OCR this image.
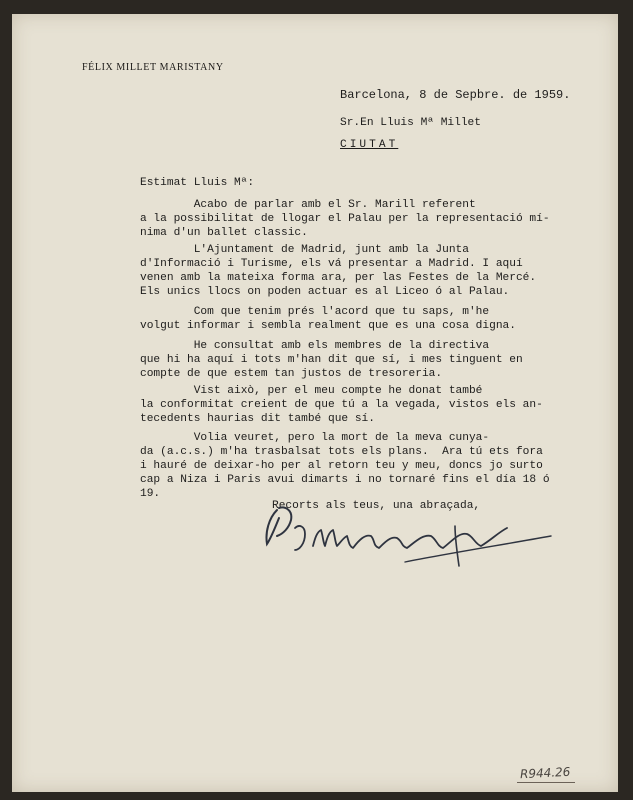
FÉLIX MILLET MARISTANY
Barcelona, 8 de Sepbre. de 1959.
Sr.En Lluis Mª Millet
CIUTAT
Estimat Lluis Mª:
Acabo de parlar amb el Sr. Marill referent
a la possibilitat de llogar el Palau per la representació mí-
nima d'un ballet classic.
L'Ajuntament de Madrid, junt amb la Junta
d'Informació i Turisme, els vá presentar a Madrid. I aquí
venen amb la mateixa forma ara, per las Festes de la Mercé.
Els unics llocs on poden actuar es al Liceo ó al Palau.
Com que tenim prés l'acord que tu saps, m'he
volgut informar i sembla realment que es una cosa digna.
He consultat amb els membres de la directiva
que hi ha aquí i tots m'han dit que sí, i mes tinguent en
compte de que estem tan justos de tresoreria.
Vist això, per el meu compte he donat també
la conformitat creient de que tú a la vegada, vistos els an-
tecedents haurias dit també que sí.
Volia veuret, pero la mort de la meva cunya-
da (a.c.s.) m'ha trasbalsat tots els plans.  Ara tú ets fora
i hauré de deixar-ho per al retorn teu y meu, doncs jo surto
cap a Niza i Paris avui dimarts i no tornaré fins el día 18 ó
19.
Recorts als teus, una abraçada,
R944.26
